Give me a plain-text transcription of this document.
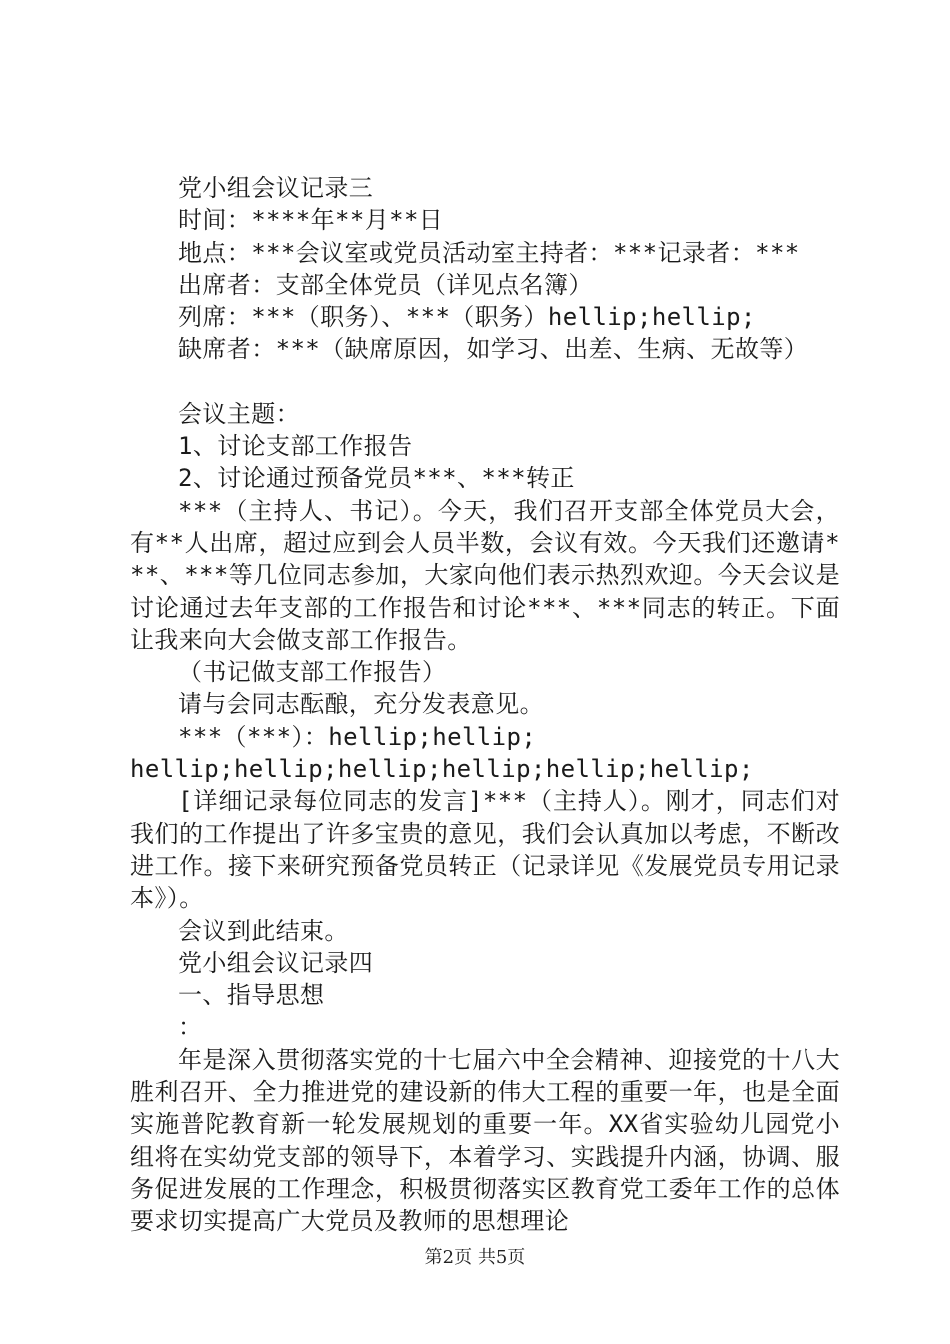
党小组会议记录三

时间：****年**月**日

地点：***会议室或党员活动室主持者：***记录者：***

出席者：支部全体党员（详见点名簿）

列席：***（职务）、***（职务）hellip;hellip;

缺席者：***（缺席原因，如学习、出差、生病、无故等）

会议主题：

1、讨论支部工作报告

2、讨论通过预备党员***、***转正

***（主持人、书记）。今天，我们召开支部全体党员大会，有**人出席，超过应到会人员半数，会议有效。今天我们还邀请***、***等几位同志参加，大家向他们表示热烈欢迎。今天会议是讨论通过去年支部的工作报告和讨论***、***同志的转正。下面让我来向大会做支部工作报告。

（书记做支部工作报告）

请与会同志酝酿，充分发表意见。

***（***）：hellip;hellip;

hellip;hellip;hellip;hellip;hellip;hellip;

[详细记录每位同志的发言]***（主持人）。刚才，同志们对我们的工作提出了许多宝贵的意见，我们会认真加以考虑，不断改进工作。接下来研究预备党员转正（记录详见《发展党员专用记录本》）。

会议到此结束。

党小组会议记录四

一、指导思想

：

年是深入贯彻落实党的十七届六中全会精神、迎接党的十八大胜利召开、全力推进党的建设新的伟大工程的重要一年，也是全面实施普陀教育新一轮发展规划的重要一年。XX省实验幼儿园党小组将在实幼党支部的领导下，本着学习、实践提升内涵，协调、服务促进发展的工作理念，积极贯彻落实区教育党工委年工作的总体要求切实提高广大党员及教师的思想理论

第2页 共5页
